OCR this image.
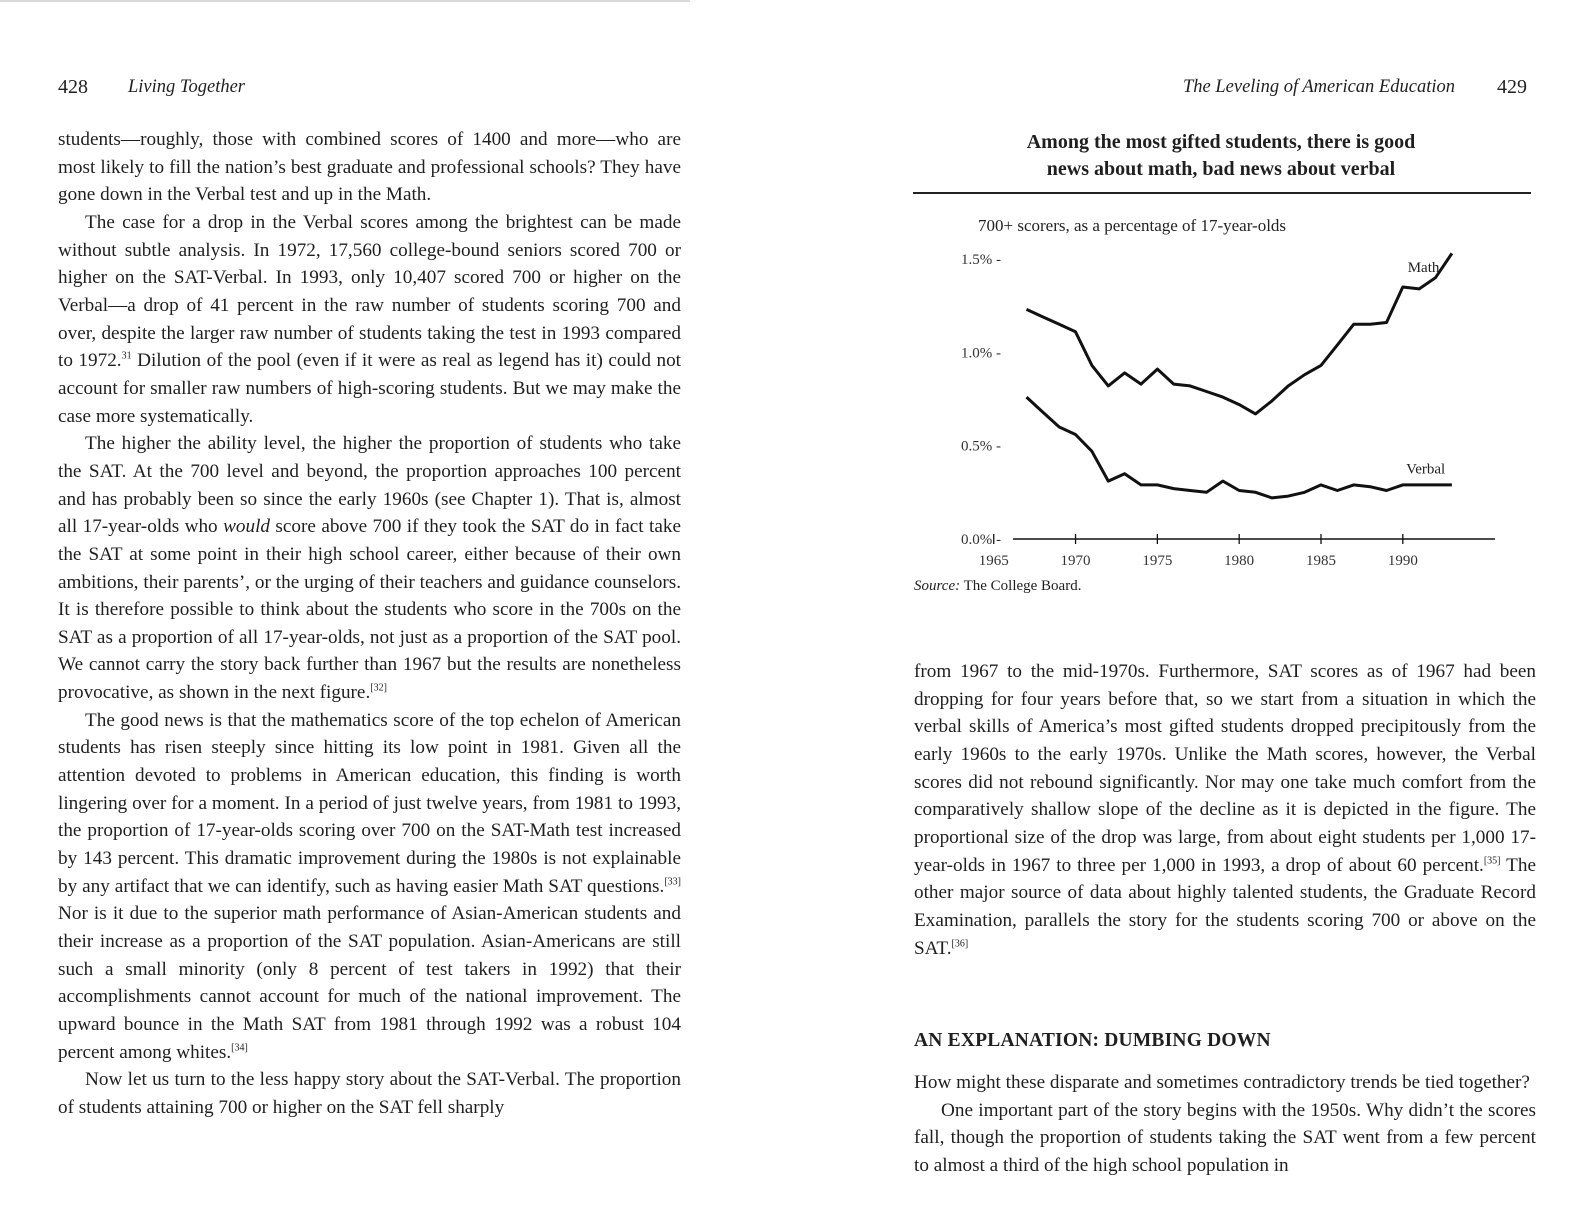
428 Living Together

students—roughly, those with combined scores of 1400 and more—who are most likely to fill the nation’s best graduate and professional schools? They have gone down in the Verbal test and up in the Math.

The case for a drop in the Verbal scores among the brightest can be made without subtle analysis. In 1972, 17,560 college-bound seniors scored 700 or higher on the SAT-Verbal. In 1993, only 10,407 scored 700 or higher on the Verbal—a drop of 41 percent in the raw number of students scoring 700 and over, despite the larger raw number of students taking the test in 1993 compared to 1972.31 Dilution of the pool (even if it were as real as legend has it) could not account for smaller raw numbers of high-scoring students. But we may make the case more systematically.

The higher the ability level, the higher the proportion of students who take the SAT. At the 700 level and beyond, the proportion approaches 100 percent and has probably been so since the early 1960s (see Chapter 1). That is, almost all 17-year-olds who would score above 700 if they took the SAT do in fact take the SAT at some point in their high school career, either because of their own ambitions, their parents’, or the urging of their teachers and guidance counselors. It is therefore possible to think about the students who score in the 700s on the SAT as a proportion of all 17-year-olds, not just as a proportion of the SAT pool. We cannot carry the story back further than 1967 but the results are nonetheless provocative, as shown in the next figure.[32]

The good news is that the mathematics score of the top echelon of American students has risen steeply since hitting its low point in 1981. Given all the attention devoted to problems in American education, this finding is worth lingering over for a moment. In a period of just twelve years, from 1981 to 1993, the proportion of 17-year-olds scoring over 700 on the SAT-Math test increased by 143 percent. This dramatic improvement during the 1980s is not explainable by any artifact that we can identify, such as having easier Math SAT questions.[33] Nor is it due to the superior math performance of Asian-American students and their increase as a proportion of the SAT population. Asian-Americans are still such a small minority (only 8 percent of test takers in 1992) that their accomplishments cannot account for much of the national improvement. The upward bounce in the Math SAT from 1981 through 1992 was a robust 104 percent among whites.[34]

Now let us turn to the less happy story about the SAT-Verbal. The proportion of students attaining 700 or higher on the SAT fell sharply

The Leveling of American Education 429
Among the most gifted students, there is good
news about math, bad news about verbal
700+ scorers, as a percentage of 17-year-olds
0.0% -
0.5% -
1.0% -
1.5% -
1965	1970	1975	1980	1985	1990
Math
Verbal
Source: The College Board.

from 1967 to the mid-1970s. Furthermore, SAT scores as of 1967 had been dropping for four years before that, so we start from a situation in which the verbal skills of America’s most gifted students dropped precipitously from the early 1960s to the early 1970s. Unlike the Math scores, however, the Verbal scores did not rebound significantly. Nor may one take much comfort from the comparatively shallow slope of the decline as it is depicted in the figure. The proportional size of the drop was large, from about eight students per 1,000 17-year-olds in 1967 to three per 1,000 in 1993, a drop of about 60 percent.[35] The other major source of data about highly talented students, the Graduate Record Examination, parallels the story for the students scoring 700 or above on the SAT.[36]

AN EXPLANATION: DUMBING DOWN

How might these disparate and sometimes contradictory trends be tied together?

One important part of the story begins with the 1950s. Why didn’t the scores fall, though the proportion of students taking the SAT went from a few percent to almost a third of the high school population in
